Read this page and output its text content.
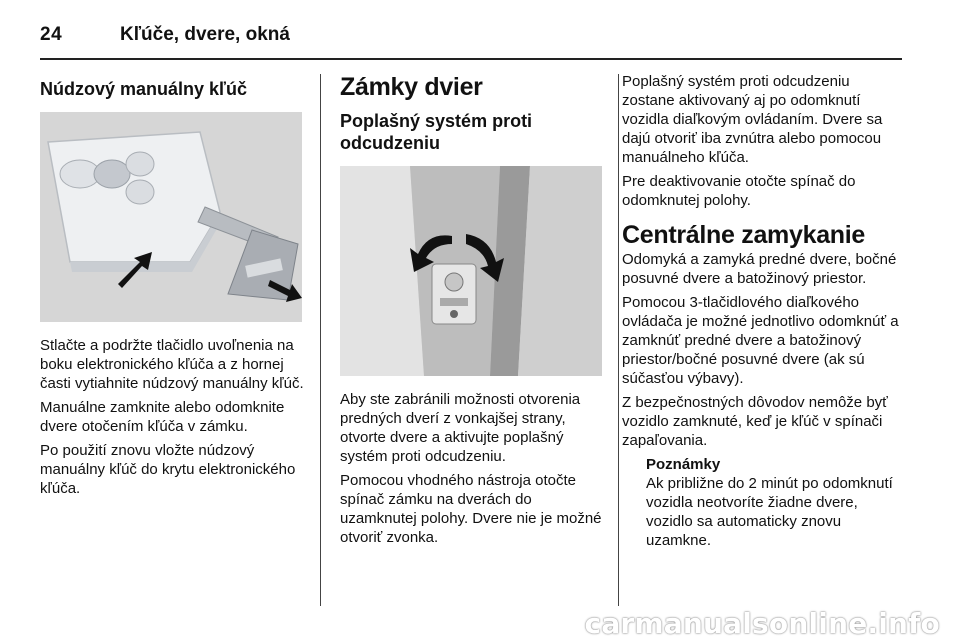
24	Kľúče, dvere, okná
Núdzový manuálny kľúč

Stlačte a podržte tlačidlo uvoľnenia na boku elektronického kľúča a z hornej časti vytiahnite núdzový manuálny kľúč.

Manuálne zamknite alebo odomknite dvere otočením kľúča v zámku.

Po použití znovu vložte núdzový manuálny kľúč do krytu elektronického kľúča.

Zámky dvier
Poplašný systém proti odcudzeniu

Aby ste zabránili možnosti otvorenia predných dverí z vonkajšej strany, otvorte dvere a aktivujte poplašný systém proti odcudzeniu.

Pomocou vhodného nástroja otočte spínač zámku na dverách do uzamknutej polohy. Dvere nie je možné otvoriť zvonka.

Poplašný systém proti odcudzeniu zostane aktivovaný aj po odomknutí vozidla diaľkovým ovládaním. Dvere sa dajú otvoriť iba zvnútra alebo pomocou manuálneho kľúča.

Pre deaktivovanie otočte spínač do odomknutej polohy.

Centrálne zamykanie

Odomyká a zamyká predné dvere, bočné posuvné dvere a batožinový priestor.

Pomocou 3-tlačidlového diaľkového ovládača je možné jednotlivo odomknúť a zamknúť predné dvere a batožinový priestor/bočné posuvné dvere (ak sú súčasťou výbavy).

Z bezpečnostných dôvodov nemôže byť vozidlo zamknuté, keď je kľúč v spínači zapaľovania.

Poznámky

Ak približne do 2 minút po odomknutí vozidla neotvoríte žiadne dvere, vozidlo sa automaticky znovu uzamkne.

carmanualsonline.info
